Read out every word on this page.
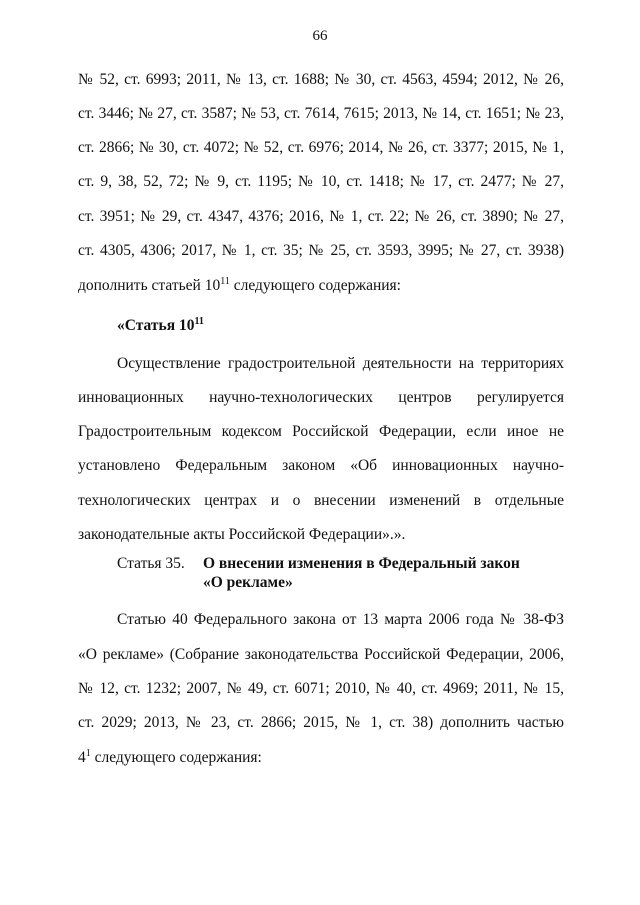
66
№ 52, ст. 6993; 2011, № 13, ст. 1688; № 30, ст. 4563, 4594; 2012, № 26,
ст. 3446; № 27, ст. 3587; № 53, ст. 7614, 7615; 2013, № 14, ст. 1651; № 23,
ст. 2866; № 30, ст. 4072; № 52, ст. 6976; 2014, № 26, ст. 3377; 2015, № 1,
ст. 9, 38, 52, 72; № 9, ст. 1195; № 10, ст. 1418; № 17, ст. 2477; № 27,
ст. 3951; № 29, ст. 4347, 4376; 2016, № 1, ст. 22; № 26, ст. 3890; № 27,
ст. 4305, 4306; 2017, № 1, ст. 35; № 25, ст. 3593, 3995; № 27, ст. 3938)
дополнить статьей $10^{11}$ следующего содержания:
«Статья $10^{11}$
Осуществление градостроительной деятельности на территориях
инновационных научно-технологических центров регулируется
Градостроительным кодексом Российской Федерации, если иное не
установлено Федеральным законом «Об инновационных научно-
технологических центрах и о внесении изменений в отдельные
законодательные акты Российской Федерации».».
Статья 35. О внесении изменения в Федеральный закон
«О рекламе»
Статью 40 Федерального закона от 13 марта 2006 года № 38-ФЗ
«О рекламе» (Собрание законодательства Российской Федерации, 2006,
№ 12, ст. 1232; 2007, № 49, ст. 6071; 2010, № 40, ст. 4969; 2011, № 15,
ст. 2029; 2013, № 23, ст. 2866; 2015, № 1, ст. 38) дополнить частью
$4^1$ следующего содержания:
